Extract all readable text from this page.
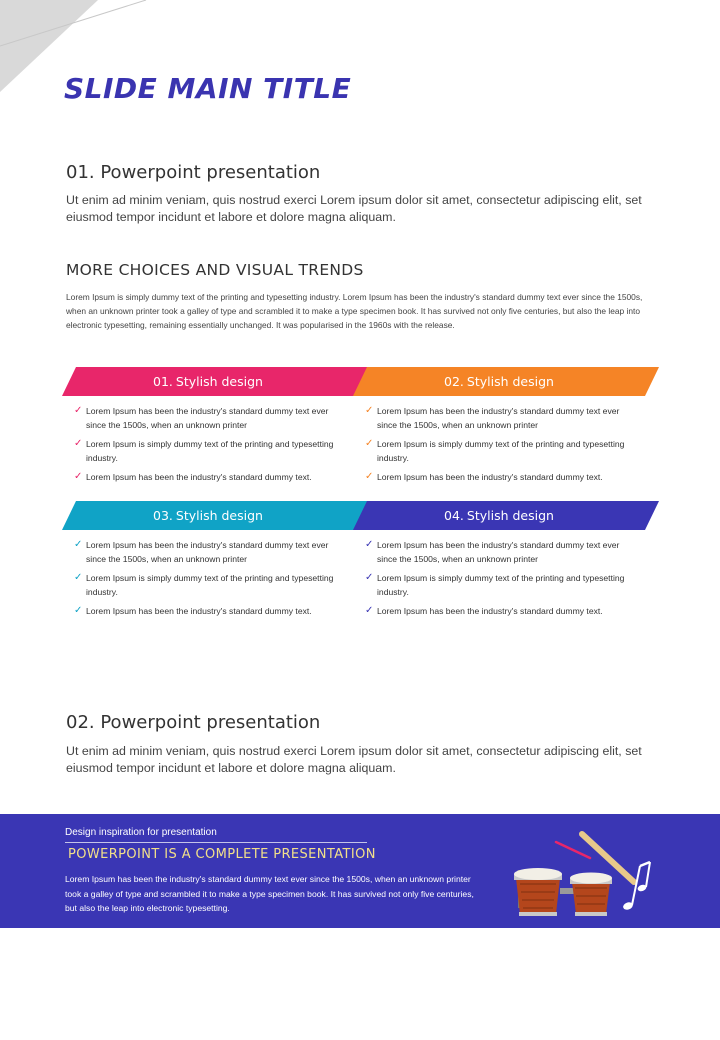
SLIDE MAIN TITLE
01. Powerpoint presentation
Ut enim ad minim veniam, quis nostrud exerci Lorem ipsum dolor sit amet, consectetur adipiscing elit, set eiusmod tempor incidunt et labore et dolore magna aliquam.
MORE CHOICES AND VISUAL TRENDS
Lorem Ipsum is simply dummy text of the printing and typesetting industry. Lorem Ipsum has been the industry's standard dummy text ever since the 1500s, when an unknown printer took a galley of type and scrambled it to make a type specimen book. It has survived not only five centuries, but also the leap into electronic typesetting, remaining essentially unchanged. It was popularised in the 1960s with the release.
01. Stylish design
✓ Lorem Ipsum has been the industry's standard dummy text ever since the 1500s, when an unknown printer
✓ Lorem Ipsum is simply dummy text of the printing and typesetting industry.
✓ Lorem Ipsum has been the industry's standard dummy text.
02. Stylish design
✓ Lorem Ipsum has been the industry's standard dummy text ever since the 1500s, when an unknown printer
✓ Lorem Ipsum is simply dummy text of the printing and typesetting industry.
✓ Lorem Ipsum has been the industry's standard dummy text.
03. Stylish design
✓ Lorem Ipsum has been the industry's standard dummy text ever since the 1500s, when an unknown printer
✓ Lorem Ipsum is simply dummy text of the printing and typesetting industry.
✓ Lorem Ipsum has been the industry's standard dummy text.
04. Stylish design
✓ Lorem Ipsum has been the industry's standard dummy text ever since the 1500s, when an unknown printer
✓ Lorem Ipsum is simply dummy text of the printing and typesetting industry.
✓ Lorem Ipsum has been the industry's standard dummy text.
02. Powerpoint presentation
Ut enim ad minim veniam, quis nostrud exerci Lorem ipsum dolor sit amet, consectetur adipiscing elit, set eiusmod tempor incidunt et labore et dolore magna aliquam.
Design inspiration for presentation
POWERPOINT IS A COMPLETE PRESENTATION
Lorem Ipsum has been the industry's standard dummy text ever since the 1500s, when an unknown printer took a galley of type and scrambled it to make a type specimen book. It has survived not only five centuries, but also the leap into electronic typesetting.
